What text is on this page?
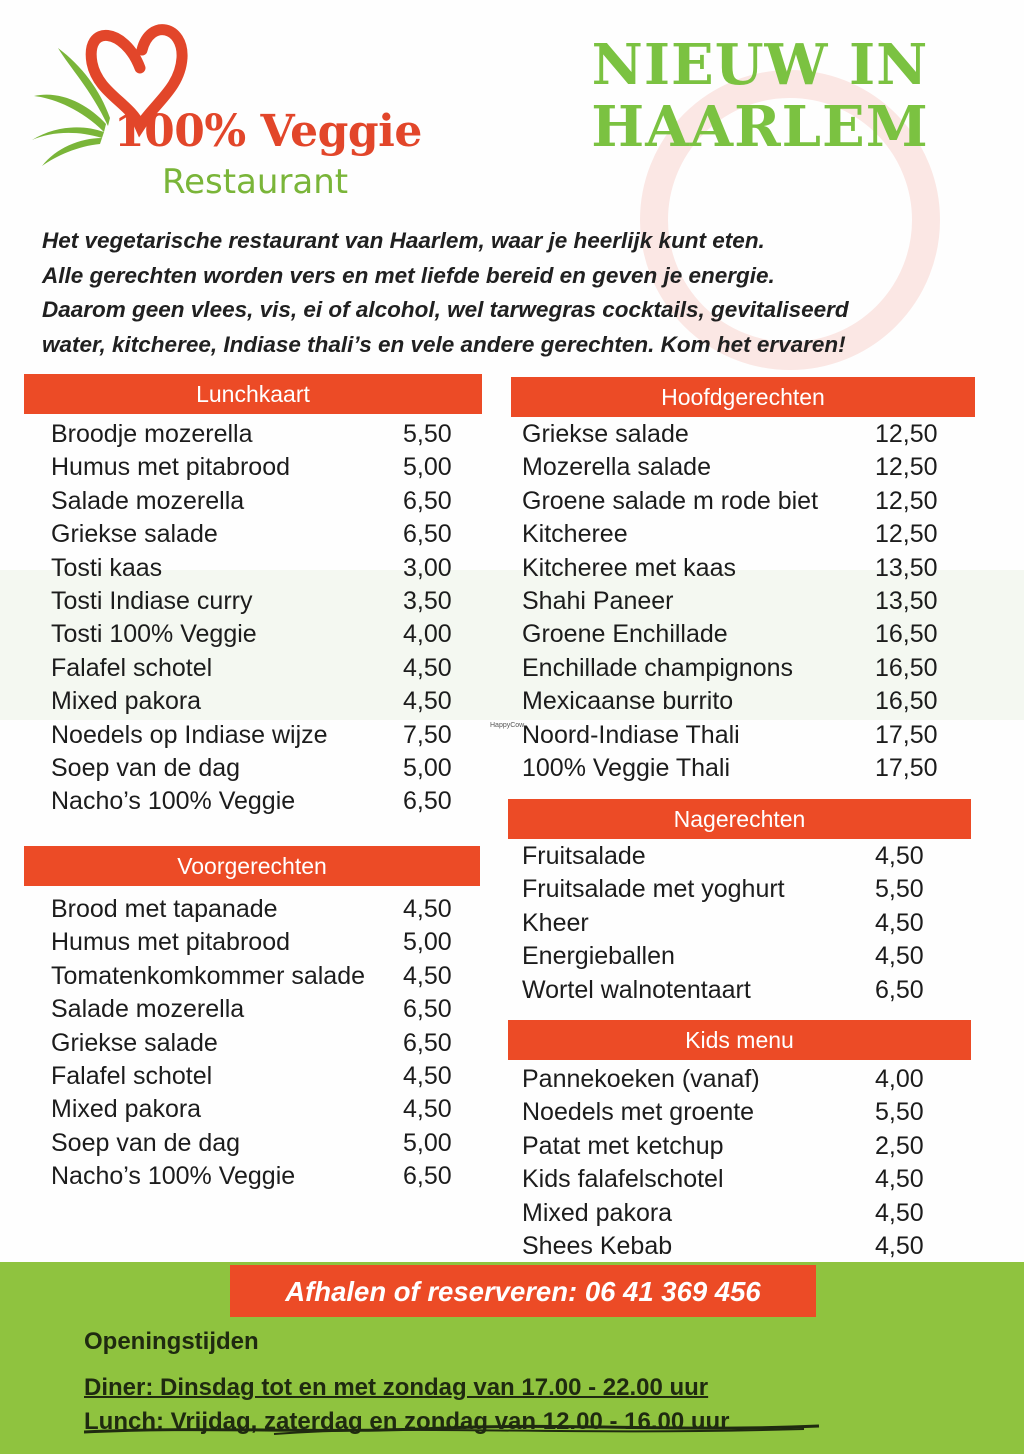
100% Veggie
Restaurant
NIEUW IN
HAARLEM
Het vegetarische restaurant van Haarlem, waar je heerlijk kunt eten.
Alle gerechten worden vers en met liefde bereid en geven je energie.
Daarom geen vlees, vis, ei of alcohol, wel tarwegras cocktails, gevitaliseerd
water, kitcheree, Indiase thali’s en vele andere gerechten. Kom het ervaren!
Lunchkaart
Voorgerechten
Hoofdgerechten
Nagerechten
Kids menu
Broodje mozerella	5,50
Humus met pitabrood	5,00
Salade mozerella	6,50
Griekse salade	6,50
Tosti kaas	3,00
Tosti Indiase curry	3,50
Tosti 100% Veggie	4,00
Falafel schotel	4,50
Mixed pakora	4,50
Noedels op Indiase wijze	7,50
Soep van de dag	5,00
Nacho’s 100% Veggie	6,50
Brood met tapanade	4,50
Humus met pitabrood	5,00
Tomatenkomkommer salade 4,50
Salade mozerella	6,50
Griekse salade	6,50
Falafel schotel	4,50
Mixed pakora	4,50
Soep van de dag	5,00
Nacho’s 100% Veggie	6,50
Griekse salade	12,50
Mozerella salade	12,50
Groene salade m rode biet 12,50
Kitcheree	12,50
Kitcheree met kaas	13,50
Shahi Paneer	13,50
Groene Enchillade	16,50
Enchillade champignons	16,50
Mexicaanse burrito	16,50
Noord-Indiase Thali	17,50
100% Veggie Thali	17,50
Fruitsalade	4,50
Fruitsalade met yoghurt	5,50
Kheer	4,50
Energieballen	4,50
Wortel walnotentaart	6,50
Pannekoeken (vanaf)	4,00
Noedels met groente	5,50
Patat met ketchup	2,50
Kids falafelschotel	4,50
Mixed pakora	4,50
Shees Kebab	4,50
HappyCow
Afhalen of reserveren: 06 41 369 456
Openingstijden
Diner: Dinsdag tot en met zondag van 17.00 - 22.00 uur
Lunch: Vrijdag, zaterdag en zondag van 12.00 - 16.00 uur
